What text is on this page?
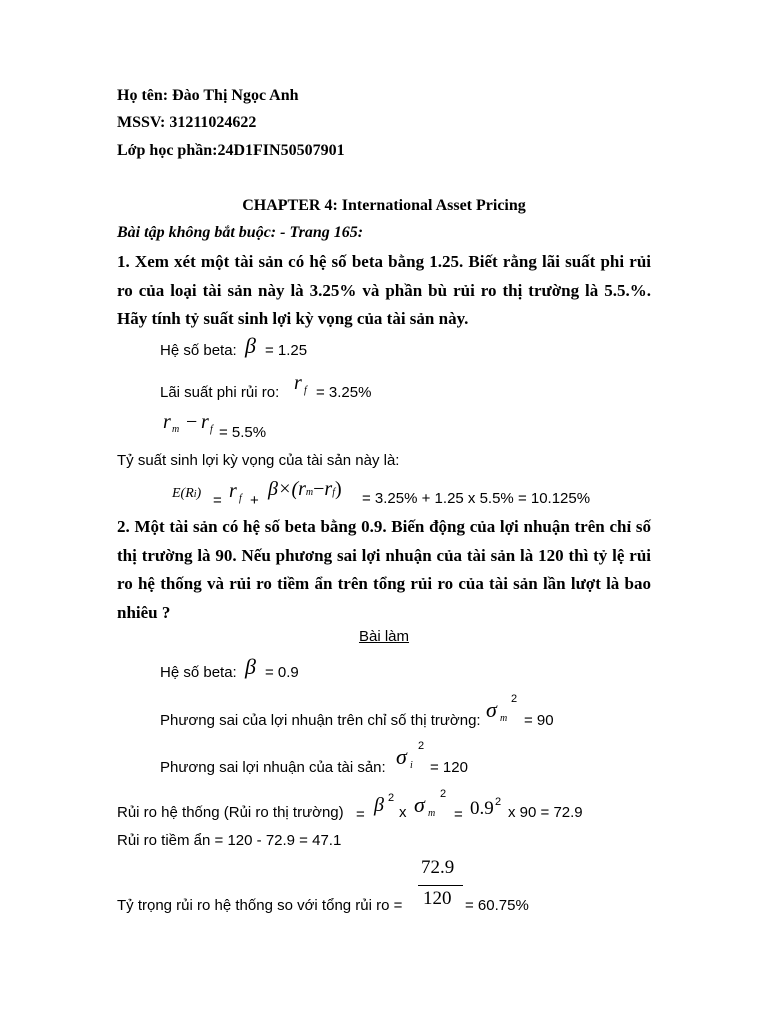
Họ tên: Đào Thị Ngọc Anh
MSSV: 31211024622
Lớp học phần:24D1FIN50507901
CHAPTER 4: International Asset Pricing
Bài tập không bắt buộc: - Trang 165:
1. Xem xét một tài sản có hệ số beta bằng 1.25. Biết rằng lãi suất phi rủi ro của loại tài sản này là 3.25% và phần bù rủi ro thị trường là 5.5.%. Hãy tính tỷ suất sinh lợi kỳ vọng của tài sản này.
Hệ số beta: β = 1.25
Lãi suất phi rủi ro: r f = 3.25%
r m − r f = 5.5%
Tỷ suất sinh lợi kỳ vọng của tài sản này là:
E(Ri) = r f +
β×(rm−rf) = 3.25% + 1.25 x 5.5% = 10.125%
2. Một tài sản có hệ số beta bằng 0.9. Biến động của lợi nhuận trên chỉ số thị trường là 90. Nếu phương sai lợi nhuận của tài sản là 120 thì tỷ lệ rủi ro hệ thống và rủi ro tiềm ẩn trên tổng rủi ro của tài sản lần lượt là bao nhiêu ?
Bài làm
Hệ số beta: β = 0.9
Phương sai của lợi nhuận trên chỉ số thị trường: σ m
2
= 90
Phương sai lợi nhuận của tài sản: σ i
2
= 120
Rủi ro hệ thống (Rủi ro thị trường) = β 2
x σ m
2
= 0.9 2
x 90 = 72.9
Rủi ro tiềm ẩn = 120 - 72.9 = 47.1
72.9
120
Tỷ trọng rủi ro hệ thống so với tổng rủi ro =	= 60.75%
